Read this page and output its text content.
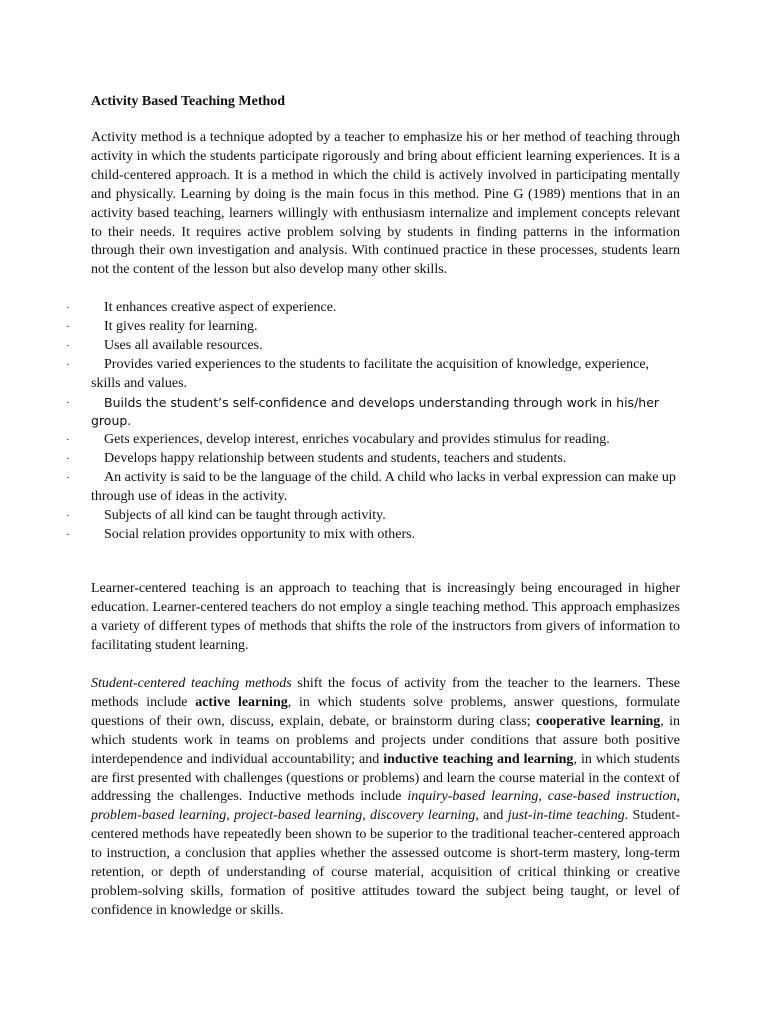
Activity Based Teaching Method

Activity method is a technique adopted by a teacher to emphasize his or her method of teaching through activity in which the students participate rigorously and bring about efficient learning experiences. It is a child-centered approach. It is a method in which the child is actively involved in participating mentally and physically. Learning by doing is the main focus in this method. Pine G (1989) mentions that in an activity based teaching, learners willingly with enthusiasm internalize and implement concepts relevant to their needs. It requires active problem solving by students in finding patterns in the information through their own investigation and analysis. With continued practice in these processes, students learn not the content of the lesson but also develop many other skills.

·	It enhances creative aspect of experience.
·	It gives reality for learning.
·	Uses all available resources.
·	Provides varied experiences to the students to facilitate the acquisition of knowledge, experience, skills and values.
·	Builds the student’s self-confidence and develops understanding through work in his/her group.
·	Gets experiences, develop interest, enriches vocabulary and provides stimulus for reading.
·	Develops happy relationship between students and students, teachers and students.
·	An activity is said to be the language of the child. A child who lacks in verbal expression can make up through use of ideas in the activity.
·	Subjects of all kind can be taught through activity.
·	Social relation provides opportunity to mix with others.

Learner-centered teaching is an approach to teaching that is increasingly being encouraged in higher education. Learner-centered teachers do not employ a single teaching method. This approach emphasizes a variety of different types of methods that shifts the role of the instructors from givers of information to facilitating student learning.

Student-centered teaching methods shift the focus of activity from the teacher to the learners. These methods include active learning, in which students solve problems, answer questions, formulate questions of their own, discuss, explain, debate, or brainstorm during class; cooperative learning, in which students work in teams on problems and projects under conditions that assure both positive interdependence and individual accountability; and inductive teaching and learning, in which students are first presented with challenges (questions or problems) and learn the course material in the context of addressing the challenges. Inductive methods include inquiry-based learning, case-based instruction, problem-based learning, project-based learning, discovery learning, and just-in-time teaching. Student-centered methods have repeatedly been shown to be superior to the traditional teacher-centered approach to instruction, a conclusion that applies whether the assessed outcome is short-term mastery, long-term retention, or depth of understanding of course material, acquisition of critical thinking or creative problem-solving skills, formation of positive attitudes toward the subject being taught, or level of confidence in knowledge or skills.
